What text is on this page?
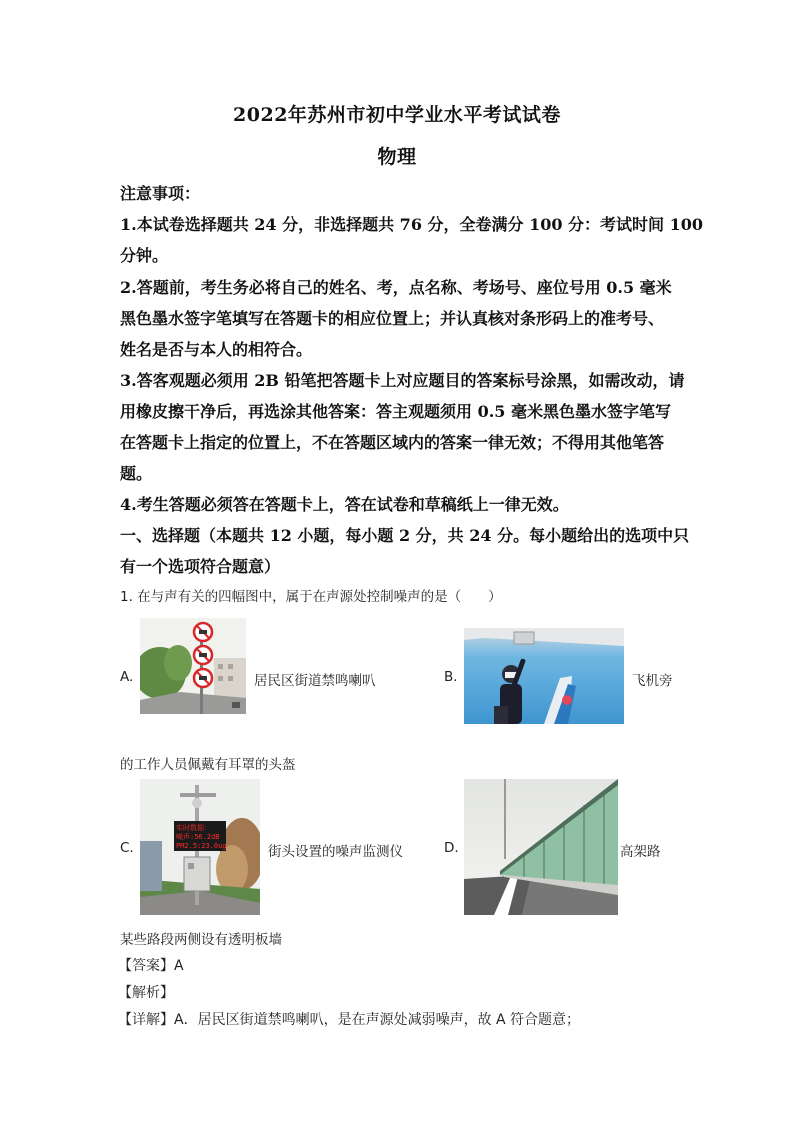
2022年苏州市初中学业水平考试试卷
物理
注意事项：
1.本试卷选择题共 24 分，非选择题共 76 分，全卷满分 100 分：考试时间 100
分钟。
2.答题前，考生务必将自己的姓名、考，点名称、考场号、座位号用 0.5 毫米
黑色墨水签字笔填写在答题卡的相应位置上；并认真核对条形码上的准考号、
姓名是否与本人的相符合。
3.答客观题必须用 2B 铅笔把答题卡上对应题目的答案标号涂黑，如需改动，请
用橡皮擦干净后，再选涂其他答案：答主观题须用 0.5 毫米黑色墨水签字笔写
在答题卡上指定的位置上，不在答题区域内的答案一律无效；不得用其他笔答
题。
4.考生答题必须答在答题卡上，答在试卷和草稿纸上一律无效。
一、选择题（本题共 12 小题，每小题 2 分，共 24 分。每小题给出的选项中只
有一个选项符合题意）
1. 在与声有关的四幅图中，属于在声源处控制噪声的是（　　）
A.	居民区街道禁鸣喇叭	B.	飞机旁
的工作人员佩戴有耳罩的头盔
C.
实时数据：
噪声:56.2dB
PM2.5:23.0ug	街头设置的噪声监测仪	D.	高架路
某些路段两侧设有透明板墙
【答案】A
【解析】
【详解】A．居民区街道禁鸣喇叭，是在声源处减弱噪声，故 A 符合题意；
